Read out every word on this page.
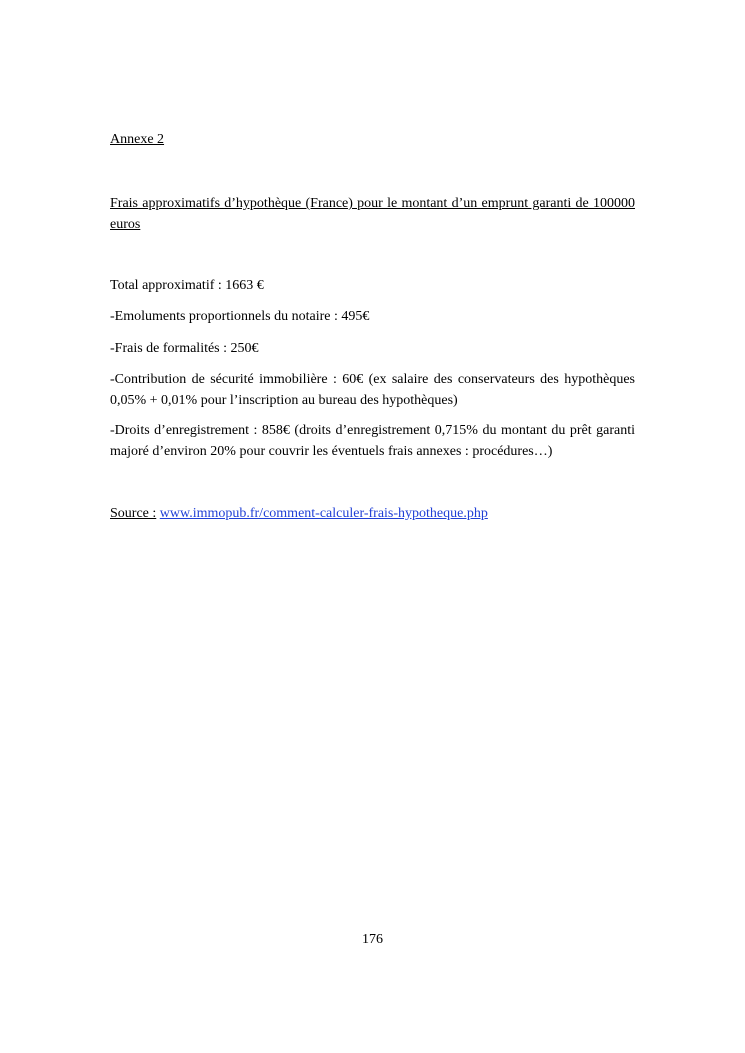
Annexe 2
Frais approximatifs d’hypothèque (France) pour le montant d’un emprunt garanti de 100000 euros
Total approximatif : 1663 €
-Emoluments proportionnels du notaire : 495€
-Frais de formalités : 250€
-Contribution de sécurité immobilière : 60€ (ex salaire des conservateurs des hypothèques 0,05% + 0,01% pour l’inscription au bureau des hypothèques)
-Droits d’enregistrement : 858€ (droits d’enregistrement 0,715% du montant du prêt garanti majoré d’environ 20% pour couvrir les éventuels frais annexes : procédures…)
Source : www.immopub.fr/comment-calculer-frais-hypotheque.php
176
